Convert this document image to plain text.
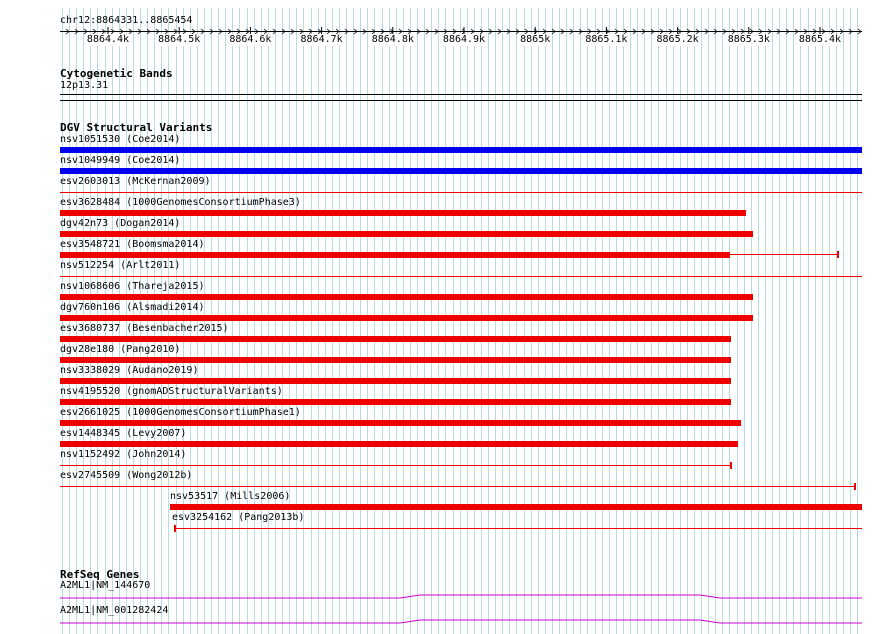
chr12:8864331..8865454
8864.4k	8864.5k	8864.6k	8864.7k	8864.8k	8864.9k	8865k	8865.1k	8865.2k	8865.3k	8865.4k
Cytogenetic Bands
12p13.31
DGV Structural Variants
nsv1051530 (Coe2014)
nsv1049949 (Coe2014)
esv2603013 (McKernan2009)
esv3628484 (1000GenomesConsortiumPhase3)
dgv42n73 (Dogan2014)
esv3548721 (Boomsma2014)
nsv512254 (Arlt2011)
nsv1068606 (Thareja2015)
dgv760n106 (Alsmadi2014)
esv3680737 (Besenbacher2015)
dgv28e180 (Pang2010)
nsv3338029 (Audano2019)
nsv4195520 (gnomADStructuralVariants)
esv2661025 (1000GenomesConsortiumPhase1)
esv1448345 (Levy2007)
nsv1152492 (John2014)
esv2745509 (Wong2012b)
nsv53517 (Mills2006)
esv3254162 (Pang2013b)
RefSeq Genes
A2ML1|NM_144670
A2ML1|NM_001282424
